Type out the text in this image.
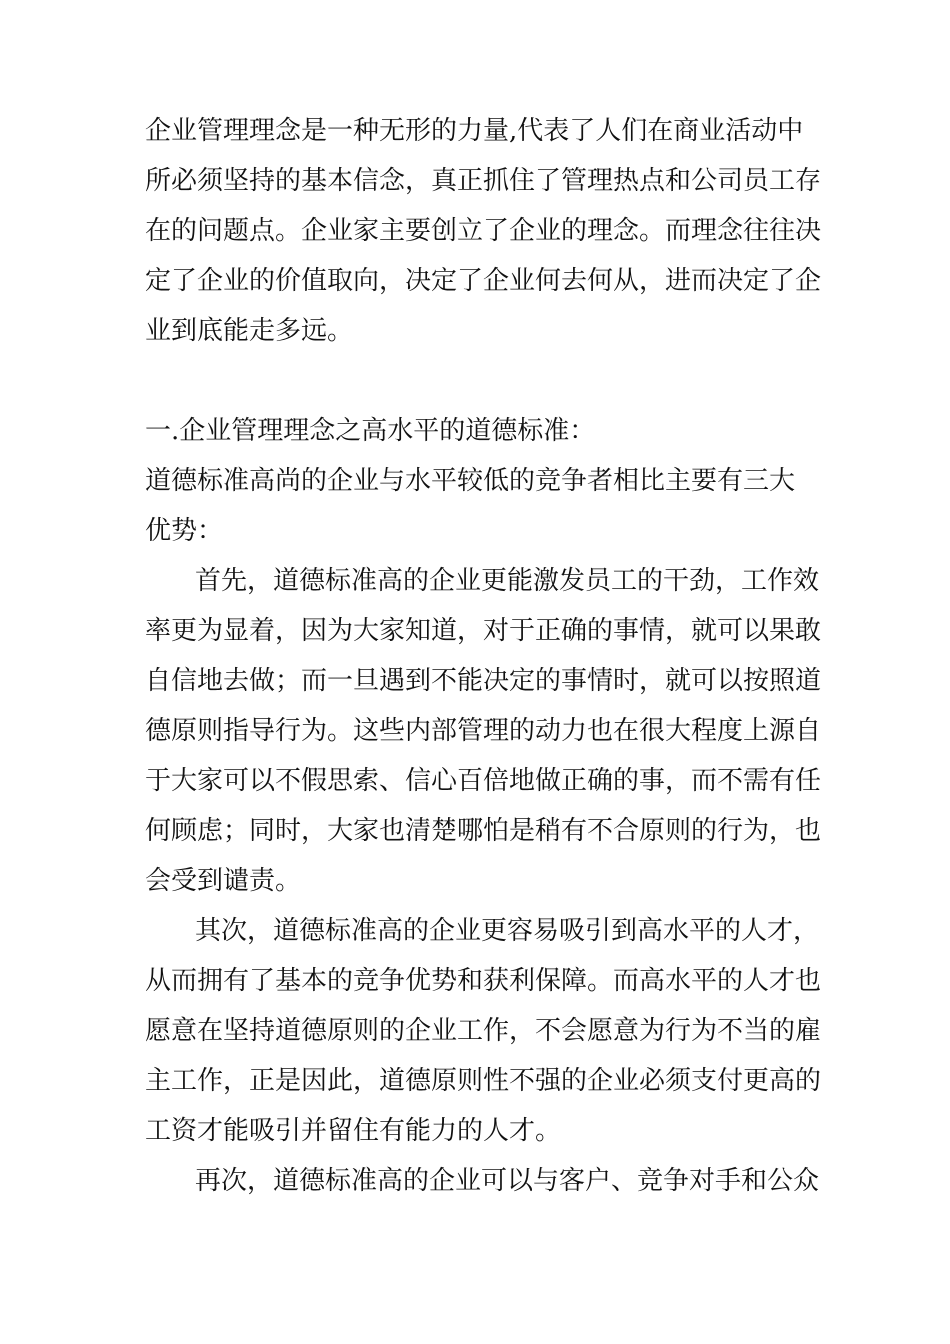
企业管理理念是一种无形的力量,代表了人们在商业活动中
所必须坚持的基本信念，真正抓住了管理热点和公司员工存
在的问题点。企业家主要创立了企业的理念。而理念往往决
定了企业的价值取向，决定了企业何去何从，进而决定了企
业到底能走多远。
一.企业管理理念之高水平的道德标准：
道德标准高尚的企业与水平较低的竞争者相比主要有三大
优势：
首先，道德标准高的企业更能激发员工的干劲，工作效
率更为显着，因为大家知道，对于正确的事情，就可以果敢
自信地去做；而一旦遇到不能决定的事情时，就可以按照道
德原则指导行为。这些内部管理的动力也在很大程度上源自
于大家可以不假思索、信心百倍地做正确的事，而不需有任
何顾虑；同时，大家也清楚哪怕是稍有不合原则的行为，也
会受到谴责。
其次，道德标准高的企业更容易吸引到高水平的人才，
从而拥有了基本的竞争优势和获利保障。而高水平的人才也
愿意在坚持道德原则的企业工作，不会愿意为行为不当的雇
主工作，正是因此，道德原则性不强的企业必须支付更高的
工资才能吸引并留住有能力的人才。
再次，道德标准高的企业可以与客户、竞争对手和公众
